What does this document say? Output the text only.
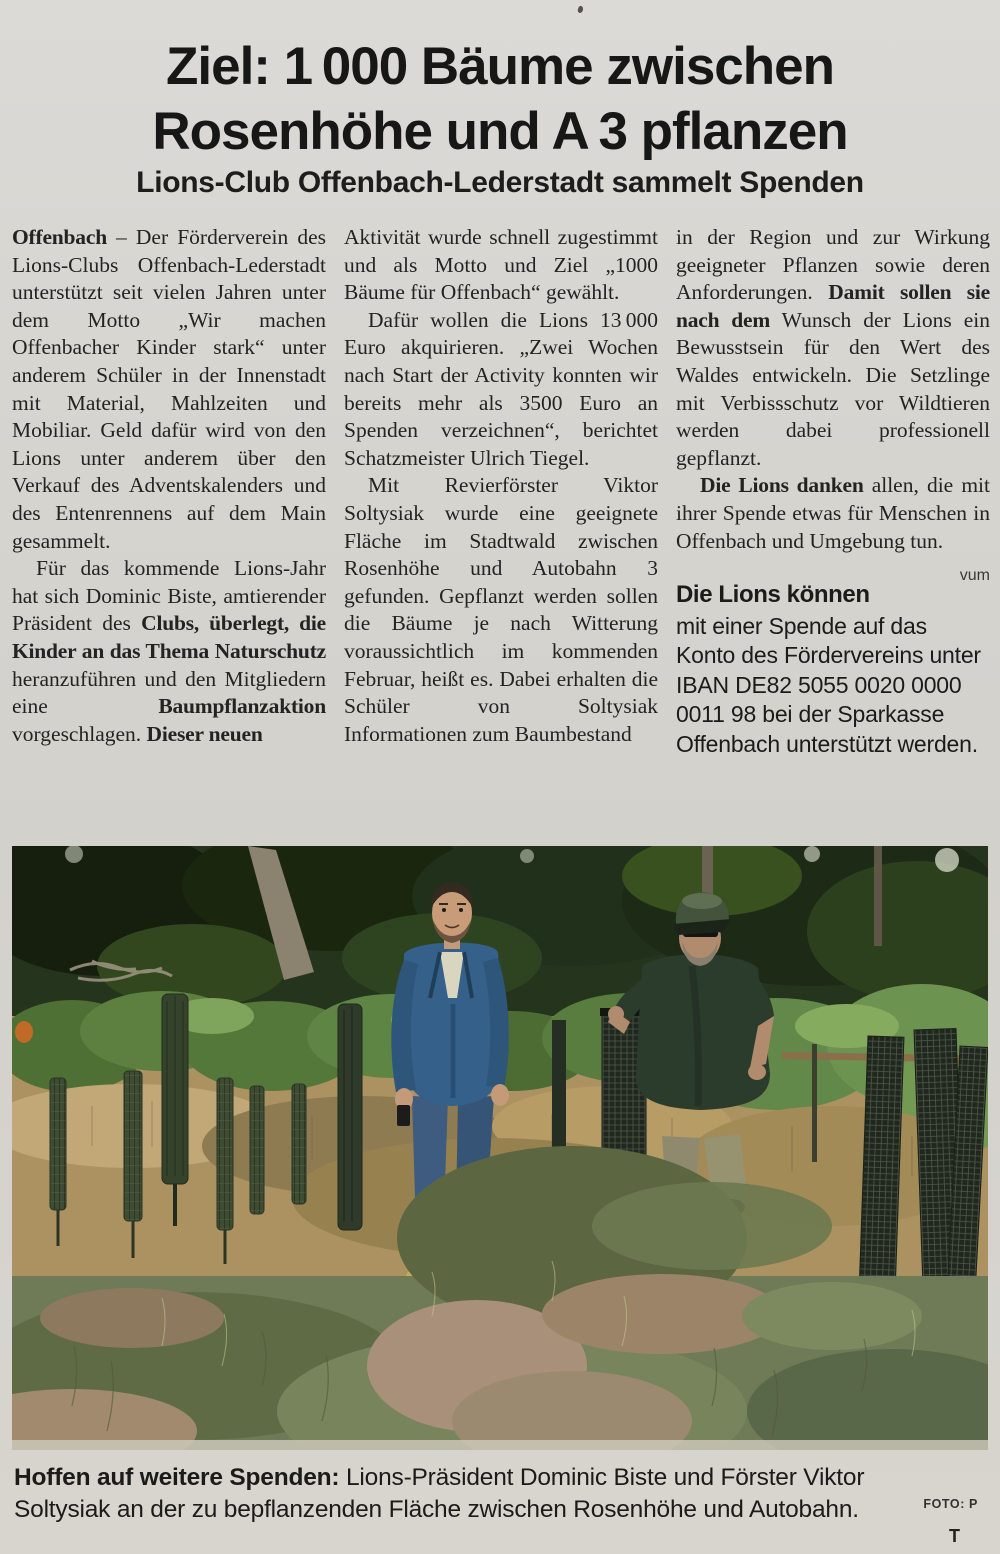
Ziel: 1 000 Bäume zwischen
Rosenhöhe und A 3 pflanzen
Lions-Club Offenbach-Lederstadt sammelt Spenden

Offenbach – Der Förderverein des Lions-Clubs Offenbach-Lederstadt unterstützt seit vielen Jahren unter dem Motto „Wir machen Offenbacher Kinder stark“ unter anderem Schüler in der Innenstadt mit Material, Mahlzeiten und Mobiliar. Geld dafür wird von den Lions unter anderem über den Verkauf des Adventskalenders und des Entenrennens auf dem Main gesammelt.

Für das kommende Lions-Jahr hat sich Dominic Biste, amtierender Präsident des Clubs, überlegt, die Kinder an das Thema Naturschutz heranzuführen und den Mitgliedern eine Baumpflanzaktion vorgeschlagen. Dieser neuen

Aktivität wurde schnell zugestimmt und als Motto und Ziel „1000 Bäume für Offenbach“ gewählt.

Dafür wollen die Lions 13 000 Euro akquirieren. „Zwei Wochen nach Start der Activity konnten wir bereits mehr als 3500 Euro an Spenden verzeichnen“, berichtet Schatzmeister Ulrich Tiegel.

Mit Revierförster Viktor Soltysiak wurde eine geeignete Fläche im Stadtwald zwischen Rosenhöhe und Autobahn 3 gefunden. Gepflanzt werden sollen die Bäume je nach Witterung voraussichtlich im kommenden Februar, heißt es. Dabei erhalten die Schüler von Soltysiak Informationen zum Baumbestand

in der Region und zur Wirkung geeigneter Pflanzen sowie deren Anforderungen. Damit sollen sie nach dem Wunsch der Lions ein Bewusstsein für den Wert des Waldes entwickeln. Die Setzlinge mit Verbissschutz vor Wildtieren werden dabei professionell gepflanzt.

Die Lions danken allen, die mit ihrer Spende etwas für Menschen in Offenbach und Umgebung tun.
vum

Die Lions können
mit einer Spende auf das Konto des Fördervereins unter IBAN DE82 5055 0020 0000 0011 98 bei der Sparkasse Offenbach unterstützt werden.
Hoffen auf weitere Spenden: Lions-Präsident Dominic Biste und Förster Viktor Soltysiak an der zu bepflanzenden Fläche zwischen Rosenhöhe und Autobahn.	FOTO: P
T
